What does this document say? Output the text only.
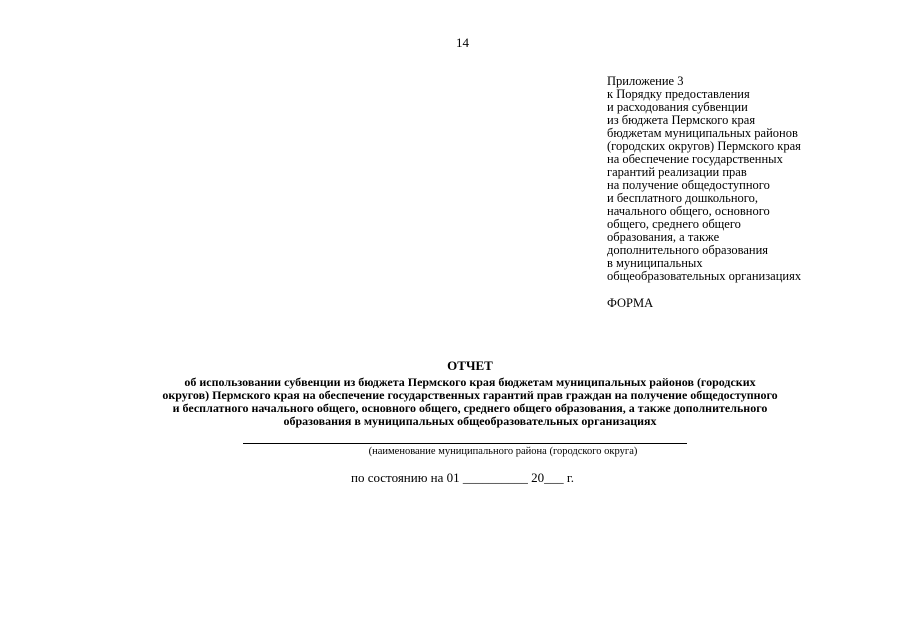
14
Приложение 3
к Порядку предоставления
и расходования субвенции
из бюджета Пермского края
бюджетам муниципальных районов
(городских округов) Пермского края
на обеспечение государственных
гарантий реализации прав
на получение общедоступного
и бесплатного дошкольного,
начального общего, основного
общего, среднего общего
образования, а также
дополнительного образования
в муниципальных
общеобразовательных организациях
ФОРМА
ОТЧЕТ
об использовании субвенции из бюджета Пермского края бюджетам муниципальных районов (городских
округов) Пермского края на обеспечение государственных гарантий прав граждан на получение общедоступного
и бесплатного начального общего, основного общего, среднего общего образования, а также дополнительного
образования в муниципальных общеобразовательных организациях
(наименование муниципального района (городского округа)
по состоянию на 01 __________ 20___ г.
